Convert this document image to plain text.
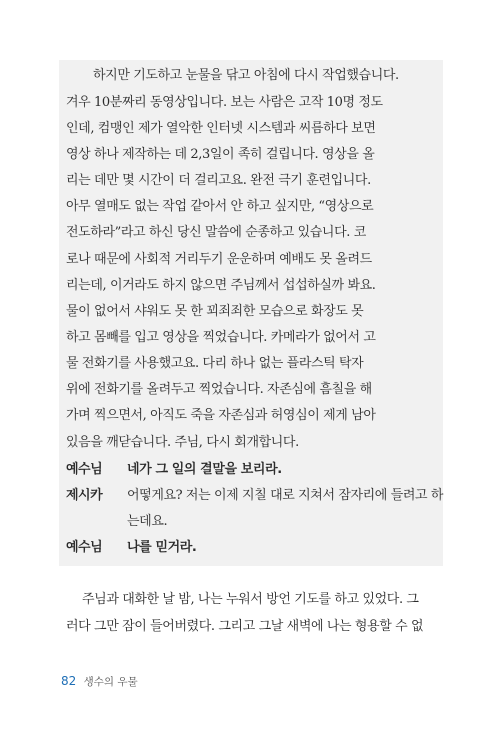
하지만 기도하고 눈물을 닦고 아침에 다시 작업했습니다.
겨우 10분짜리 동영상입니다. 보는 사람은 고작 10명 정도
인데, 컴맹인 제가 열악한 인터넷 시스템과 씨름하다 보면
영상 하나 제작하는 데 2,3일이 족히 걸립니다. 영상을 올
리는 데만 몇 시간이 더 걸리고요. 완전 극기 훈련입니다.
아무 열매도 없는 작업 같아서 안 하고 싶지만, “영상으로
전도하라”라고 하신 당신 말씀에 순종하고 있습니다. 코
로나 때문에 사회적 거리두기 운운하며 예배도 못 올려드
리는데, 이거라도 하지 않으면 주님께서 섭섭하실까 봐요.
물이 없어서 샤워도 못 한 꾀죄죄한 모습으로 화장도 못
하고 몸빼를 입고 영상을 찍었습니다. 카메라가 없어서 고
물 전화기를 사용했고요. 다리 하나 없는 플라스틱 탁자
위에 전화기를 올려두고 찍었습니다. 자존심에 흠칠을 해
가며 찍으면서, 아직도 죽을 자존심과 허영심이 제게 남아
있음을 깨닫습니다. 주님, 다시 회개합니다.
예수님 네가 그 일의 결말을 보리라.
제시카 어떻게요? 저는 이제 지칠 대로 지쳐서 잠자리에 들려고 하
는데요.
예수님 나를 믿거라.
주님과 대화한 날 밤, 나는 누워서 방언 기도를 하고 있었다. 그
러다 그만 잠이 들어버렸다. 그리고 그날 새벽에 나는 형용할 수 없
82 생수의 우물
